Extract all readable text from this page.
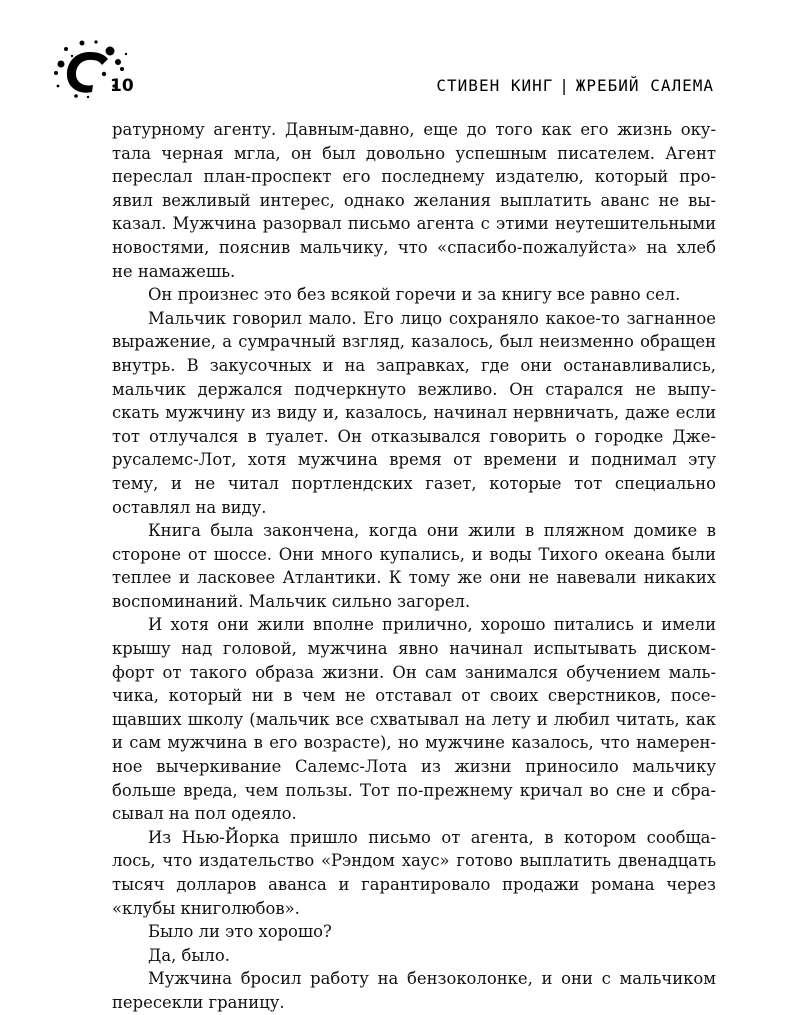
10	СТИВЕН КИНГ | ЖРЕБИЙ САЛЕМА
ратурному агенту. Давным-давно, еще до того как его жизнь оку-
тала черная мгла, он был довольно успешным писателем. Агент
переслал план-проспект его последнему издателю, который про-
явил вежливый интерес, однако желания выплатить аванс не вы-
казал. Мужчина разорвал письмо агента с этими неутешительными
новостями, пояснив мальчику, что «спасибо-пожалуйста» на хлеб
не намажешь.
Он произнес это без всякой горечи и за книгу все равно сел.
Мальчик говорил мало. Его лицо сохраняло какое-то загнанное
выражение, а сумрачный взгляд, казалось, был неизменно обращен
внутрь. В закусочных и на заправках, где они останавливались,
мальчик держался подчеркнуто вежливо. Он старался не выпу-
скать мужчину из виду и, казалось, начинал нервничать, даже если
тот отлучался в туалет. Он отказывался говорить о городке Дже-
русалемс-Лот, хотя мужчина время от времени и поднимал эту
тему, и не читал портлендских газет, которые тот специально
оставлял на виду.
Книга была закончена, когда они жили в пляжном домике в
стороне от шоссе. Они много купались, и воды Тихого океана были
теплее и ласковее Атлантики. К тому же они не навевали никаких
воспоминаний. Мальчик сильно загорел.
И хотя они жили вполне прилично, хорошо питались и имели
крышу над головой, мужчина явно начинал испытывать диском-
форт от такого образа жизни. Он сам занимался обучением маль-
чика, который ни в чем не отставал от своих сверстников, посе-
щавших школу (мальчик все схватывал на лету и любил читать, как
и сам мужчина в его возрасте), но мужчине казалось, что намерен-
ное вычеркивание Салемс-Лота из жизни приносило мальчику
больше вреда, чем пользы. Тот по-прежнему кричал во сне и сбра-
сывал на пол одеяло.
Из Нью-Йорка пришло письмо от агента, в котором сообща-
лось, что издательство «Рэндом хаус» готово выплатить двенадцать
тысяч долларов аванса и гарантировало продажи романа через
«клубы книголюбов».
Было ли это хорошо?
Да, было.
Мужчина бросил работу на бензоколонке, и они с мальчиком
пересекли границу.
